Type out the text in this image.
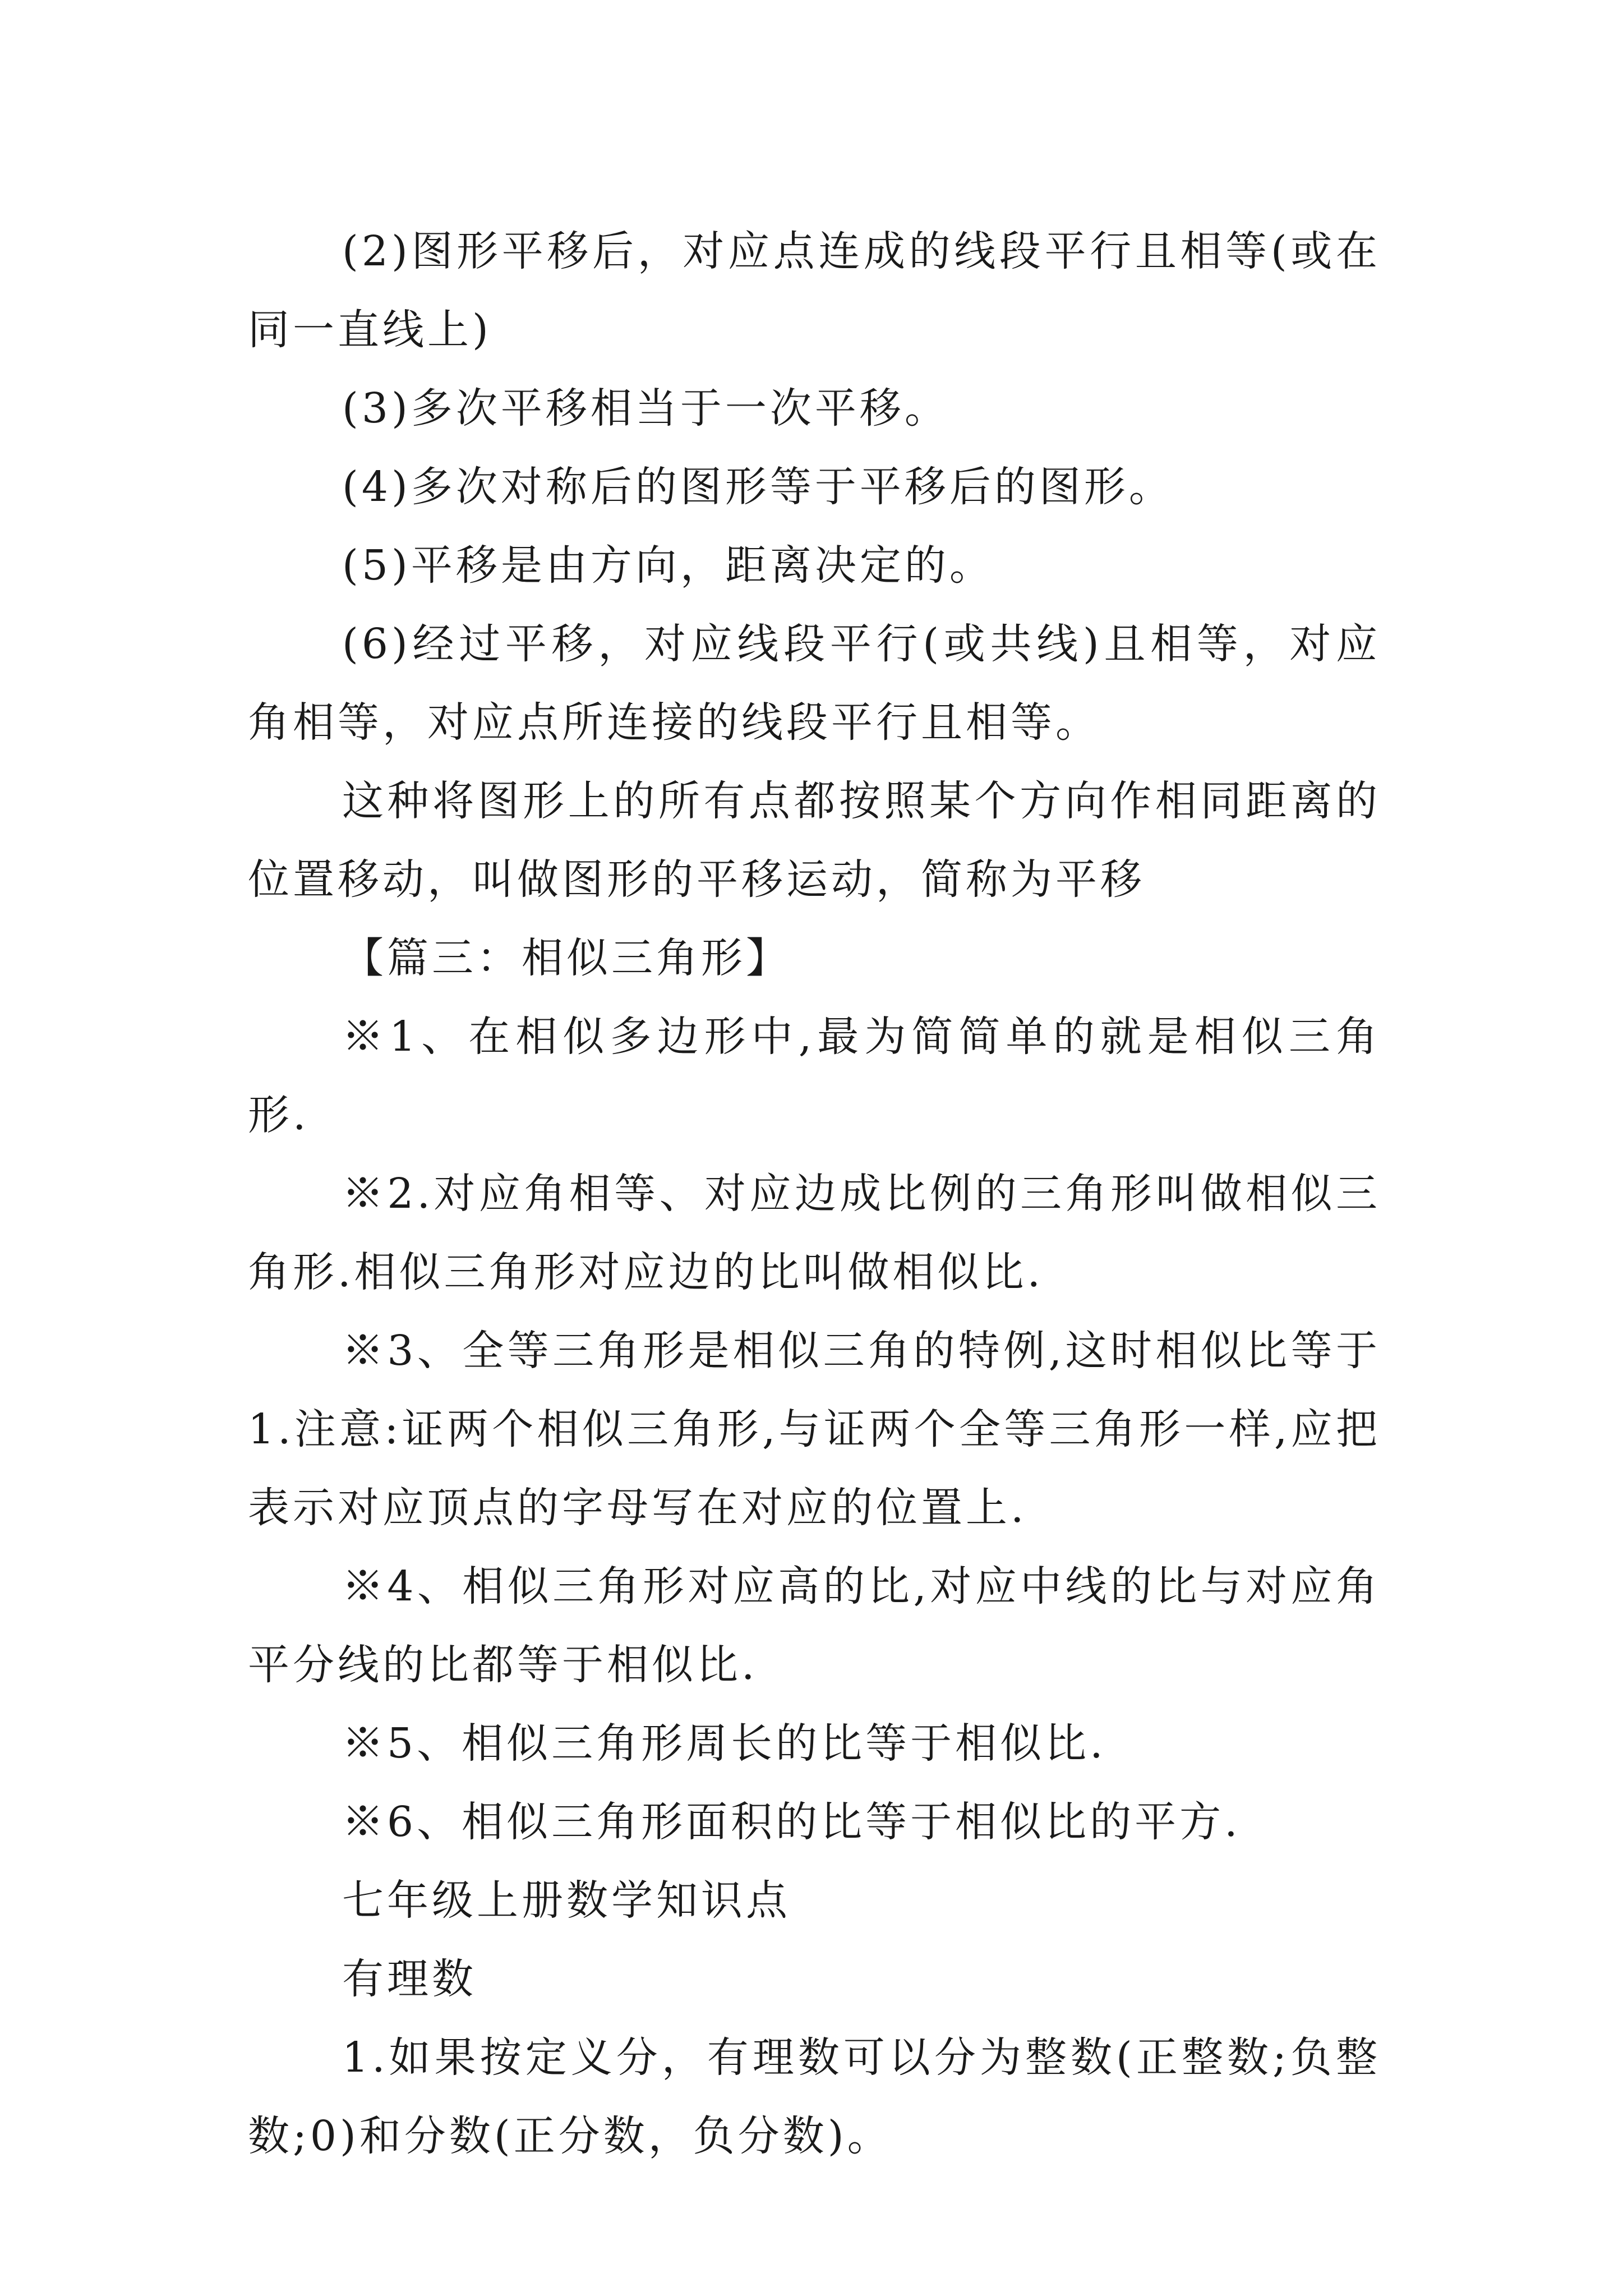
(2)图形平移后，对应点连成的线段平行且相等(或在同一直线上)

(3)多次平移相当于一次平移。

(4)多次对称后的图形等于平移后的图形。

(5)平移是由方向，距离决定的。

(6)经过平移，对应线段平行(或共线)且相等，对应角相等，对应点所连接的线段平行且相等。

这种将图形上的所有点都按照某个方向作相同距离的位置移动，叫做图形的平移运动，简称为平移

【篇三：相似三角形】

※1、在相似多边形中,最为简简单的就是相似三角形.

※2.对应角相等、对应边成比例的三角形叫做相似三角形.相似三角形对应边的比叫做相似比.

※3、全等三角形是相似三角的特例,这时相似比等于1.注意:证两个相似三角形,与证两个全等三角形一样,应把表示对应顶点的字母写在对应的位置上.

※4、相似三角形对应高的比,对应中线的比与对应角平分线的比都等于相似比.

※5、相似三角形周长的比等于相似比.

※6、相似三角形面积的比等于相似比的平方.

七年级上册数学知识点

有理数

1.如果按定义分，有理数可以分为整数(正整数;负整数;0)和分数(正分数，负分数)。
